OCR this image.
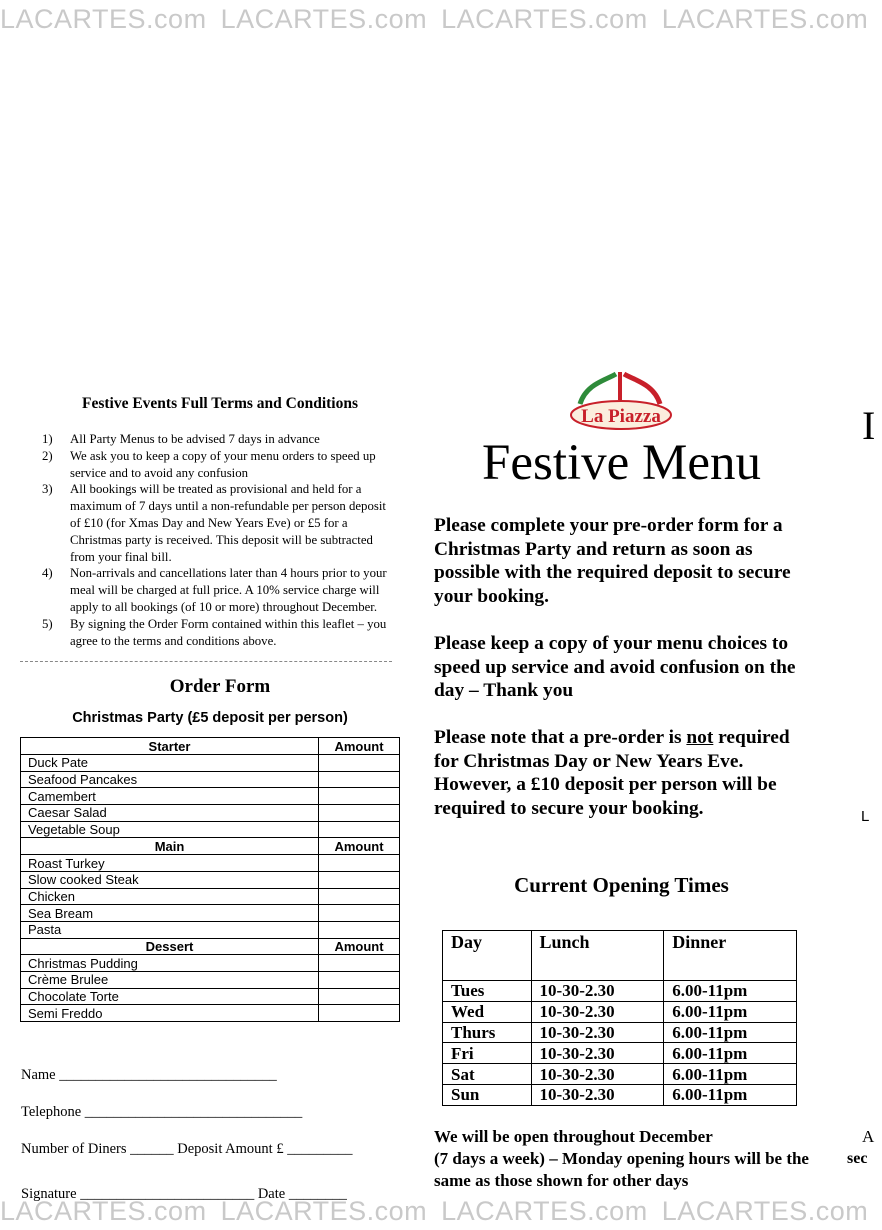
LACARTES.com LACARTES.com LACARTES.com LACARTES.com
LACARTES.com LACARTES.com LACARTES.com LACARTES.com
Festive Events Full Terms and Conditions
1)	All Party Menus to be advised 7 days in advance
2)	We ask you to keep a copy of your menu orders to speed up service and to avoid any confusion
3)	All bookings will be treated as provisional and held for a maximum of 7 days until a non-refundable per person deposit of £10 (for Xmas Day and New Years Eve) or £5 for a Christmas party is received. This deposit will be subtracted from your final bill.
4)	Non-arrivals and cancellations later than 4 hours prior to your meal will be charged at full price. A 10% service charge will apply to all bookings (of 10 or more) throughout December.
5)	By signing the Order Form contained within this leaflet – you agree to the terms and conditions above.
Order Form
Christmas Party (£5 deposit per person)
Starter	Amount
Duck Pate	
Seafood Pancakes	
Camembert	
Caesar Salad	
Vegetable Soup	
Main	Amount
Roast Turkey	
Slow cooked Steak	
Chicken	
Sea Bream	
Pasta	
Dessert	Amount
Christmas Pudding	
Crème Brulee	
Chocolate Torte	
Semi Freddo	
Name ______________________________
Telephone ______________________________
Number of Diners ______ Deposit Amount £ _________
Signature ________________________ Date ________
La Piazza
Festive Menu
Please complete your pre-order form for a Christmas Party and return as soon as possible with the required deposit to secure your booking.
Please keep a copy of your menu choices to speed up service and avoid confusion on the day – Thank you
Please note that a pre-order is not required for Christmas Day or New Years Eve. However, a £10 deposit per person will be required to secure your booking.
Current Opening Times
Day	Lunch	Dinner
Tues	10-30-2.30	6.00-11pm
Wed	10-30-2.30	6.00-11pm
Thurs	10-30-2.30	6.00-11pm
Fri	10-30-2.30	6.00-11pm
Sat	10-30-2.30	6.00-11pm
Sun	10-30-2.30	6.00-11pm
We will be open throughout December
(7 days a week) – Monday opening hours will be the same as those shown for other days
I
L
A
sec
